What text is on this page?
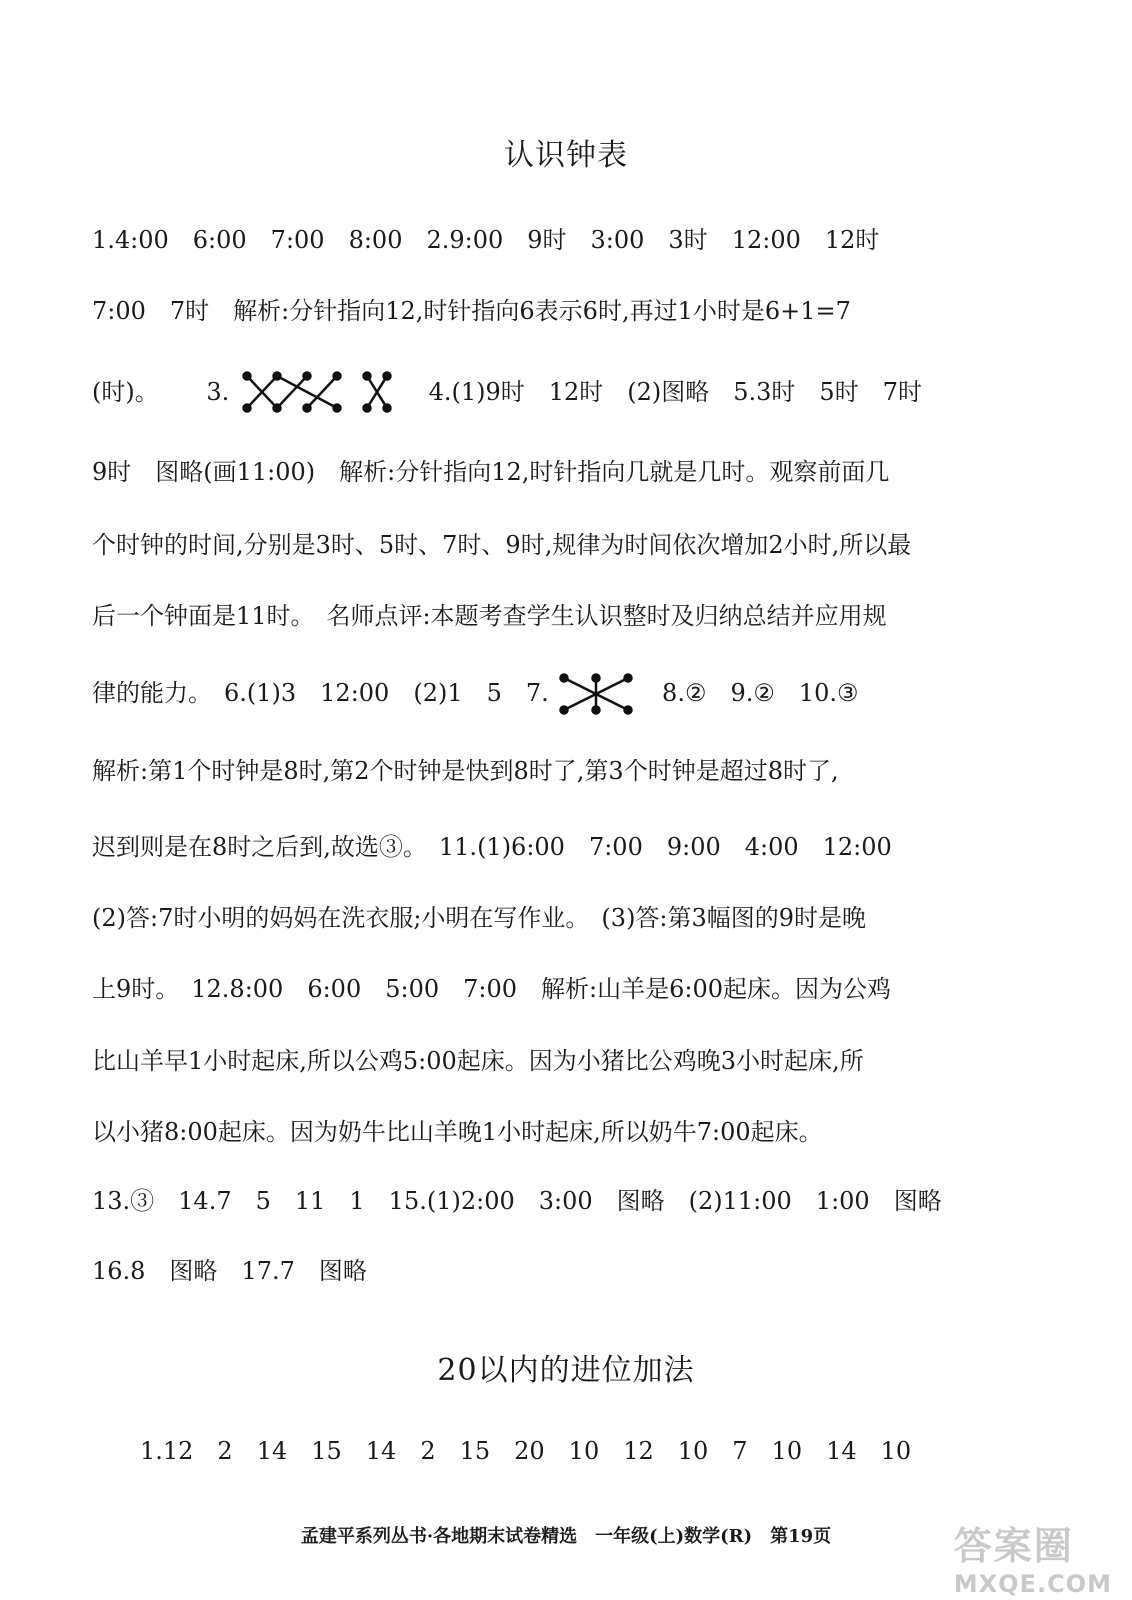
认识钟表
1.4:00　6:00　7:00　8:00　2.9:00　9时　3:00　3时　12:00　12时
7:00　7时　解析:分针指向12,时针指向6表示6时,再过1小时是6+1=7
(时)。 3.	4.(1)9时　12时　(2)图略　5.3时　5时　7时
9时　图略(画11:00)　解析:分针指向12,时针指向几就是几时。观察前面几
个时钟的时间,分别是3时、5时、7时、9时,规律为时间依次增加2小时,所以最
后一个钟面是11时。　名师点评:本题考查学生认识整时及归纳总结并应用规
律的能力。　6.(1)3　12:00　(2)1　5　7.	8.②　9.②　10.③
解析:第1个时钟是8时,第2个时钟是快到8时了,第3个时钟是超过8时了,
迟到则是在8时之后到,故选③。　11.(1)6:00　7:00　9:00　4:00　12:00
(2)答:7时小明的妈妈在洗衣服;小明在写作业。　(3)答:第3幅图的9时是晚
上9时。　12.8:00　6:00　5:00　7:00　解析:山羊是6:00起床。因为公鸡
比山羊早1小时起床,所以公鸡5:00起床。因为小猪比公鸡晚3小时起床,所
以小猪8:00起床。因为奶牛比山羊晚1小时起床,所以奶牛7:00起床。
13.③　14.7　5　11　1　15.(1)2:00　3:00　图略　(2)11:00　1:00　图略
16.8　图略　17.7　图略
20以内的进位加法
1.12　2　14　15　14　2　15　20　10　12　10　7　10　14　10
孟建平系列丛书·各地期末试卷精选　一年级(上)数学(R)　第19页	答案圈
MXQE.COM
